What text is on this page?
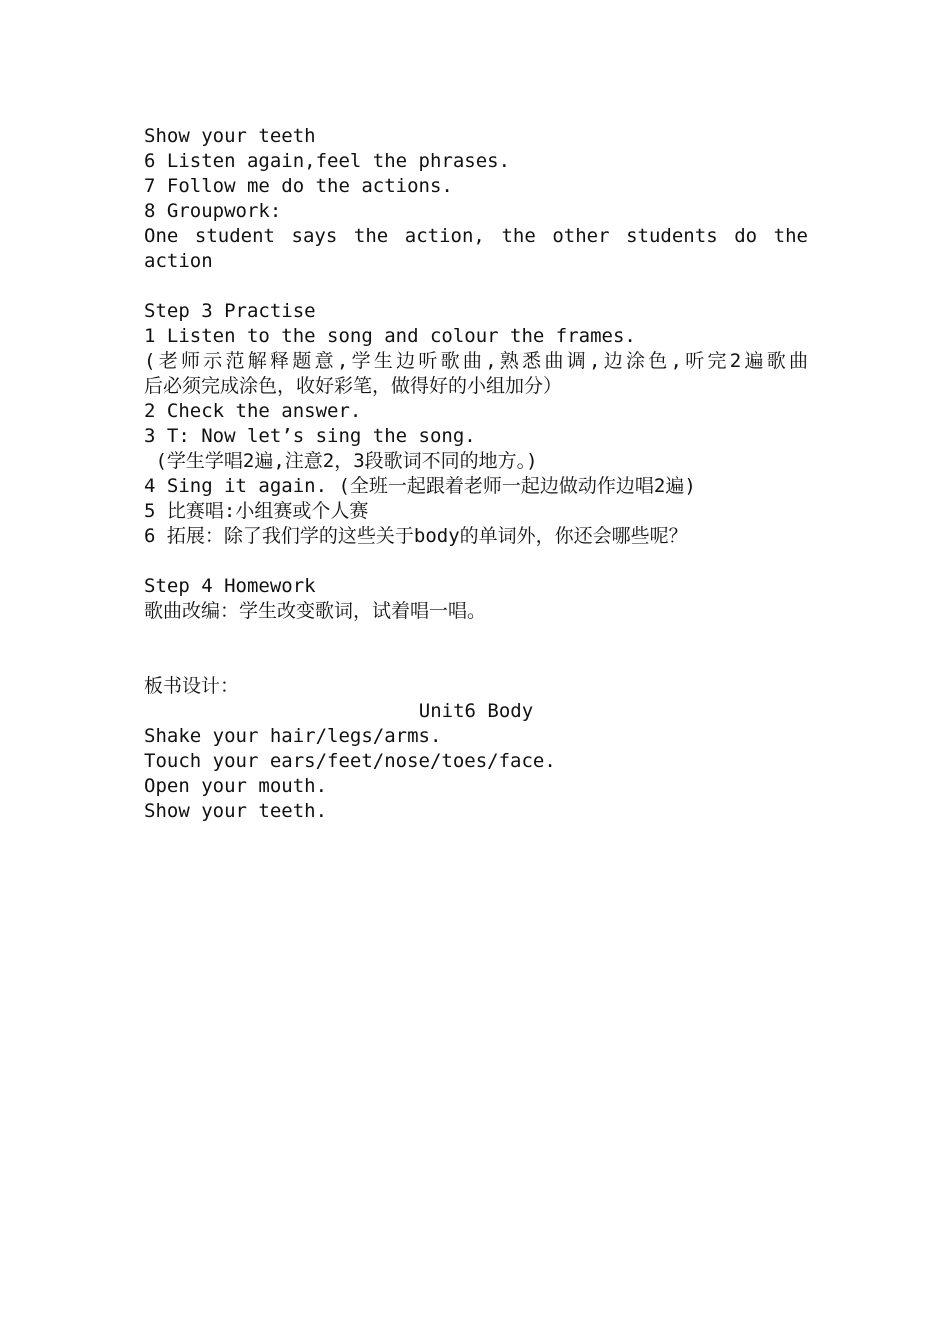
Show your teeth
6 Listen again,feel the phrases.
7 Follow me do the actions.
8 Groupwork:
One student says the action, the other students do the
action
Step 3 Practise
1 Listen to the song and colour the frames.
(老师示范解释题意,学生边听歌曲,熟悉曲调,边涂色,听完2遍歌曲
后必须完成涂色，收好彩笔，做得好的小组加分）
2 Check the answer.
3 T: Now let’s sing the song.
(学生学唱2遍,注意2，3段歌词不同的地方。)
4 Sing it again. (全班一起跟着老师一起边做动作边唱2遍)
5 比赛唱:小组赛或个人赛
6 拓展：除了我们学的这些关于body的单词外，你还会哪些呢？
Step 4 Homework
歌曲改编：学生改变歌词，试着唱一唱。
板书设计：
Unit6 Body
Shake your hair/legs/arms.
Touch your ears/feet/nose/toes/face.
Open your mouth.
Show your teeth.
